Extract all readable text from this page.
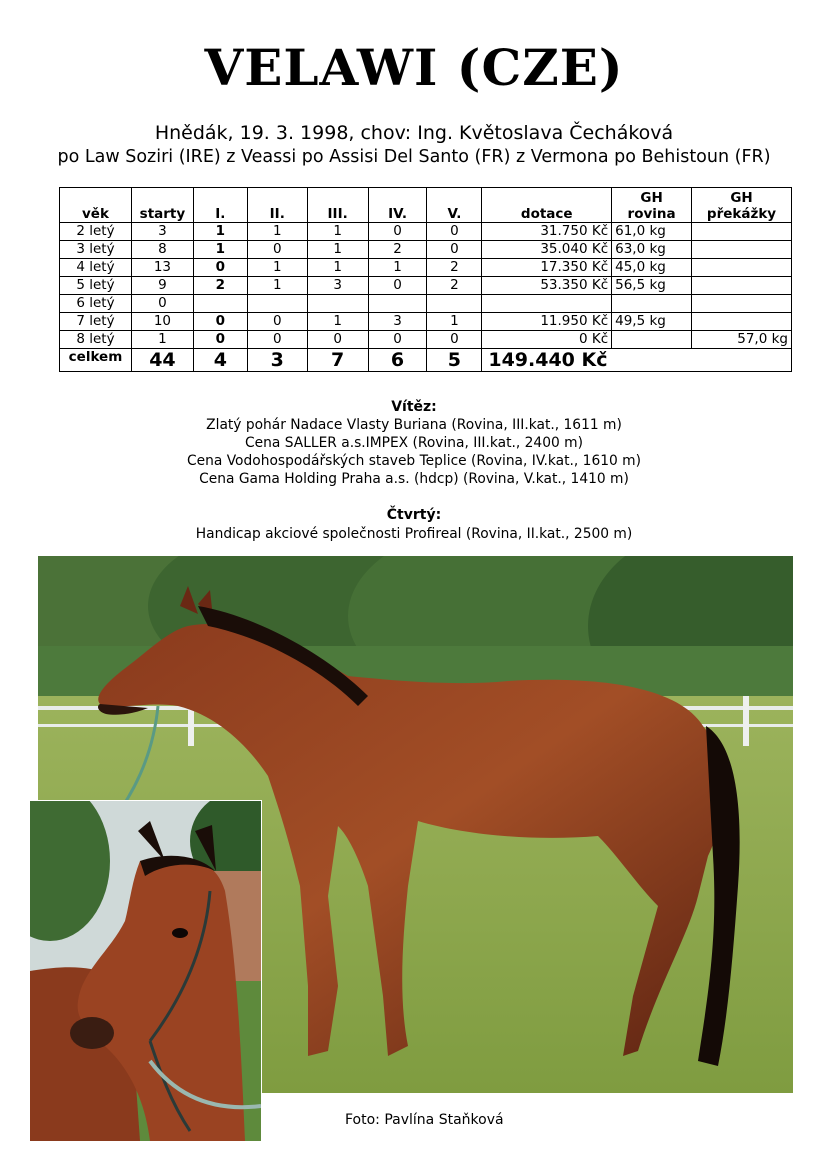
VELAWI (CZE)
Hnědák, 19. 3. 1998, chov: Ing. Květoslava Čecháková
po Law Soziri (IRE) z Veassi po Assisi Del Santo (FR) z Vermona po Behistoun (FR)
věk	starty	I.	II.	III.	IV.	V.	dotace	GH rovina	GH překážky
2 letý	3	1	1	1	0	0	31.750 Kč	61,0 kg	
3 letý	8	1	0	1	2	0	35.040 Kč	63,0 kg	
4 letý	13	0	1	1	1	2	17.350 Kč	45,0 kg	
5 letý	9	2	1	3	0	2	53.350 Kč	56,5 kg	
6 letý	0								
7 letý	10	0	0	1	3	1	11.950 Kč	49,5 kg	
8 letý	1	0	0	0	0	0	0 Kč		57,0 kg
celkem	44	4	3	7	6	5	149.440 Kč		
Vítěz:
Zlatý pohár Nadace Vlasty Buriana (Rovina, III.kat., 1611 m)
Cena SALLER a.s.IMPEX (Rovina, III.kat., 2400 m)
Cena Vodohospodářských staveb Teplice (Rovina, IV.kat., 1610 m)
Cena Gama Holding Praha a.s. (hdcp) (Rovina, V.kat., 1410 m)
Čtvrtý:
Handicap akciové společnosti Profireal (Rovina, II.kat., 2500 m)
Foto: Pavlína Staňková
